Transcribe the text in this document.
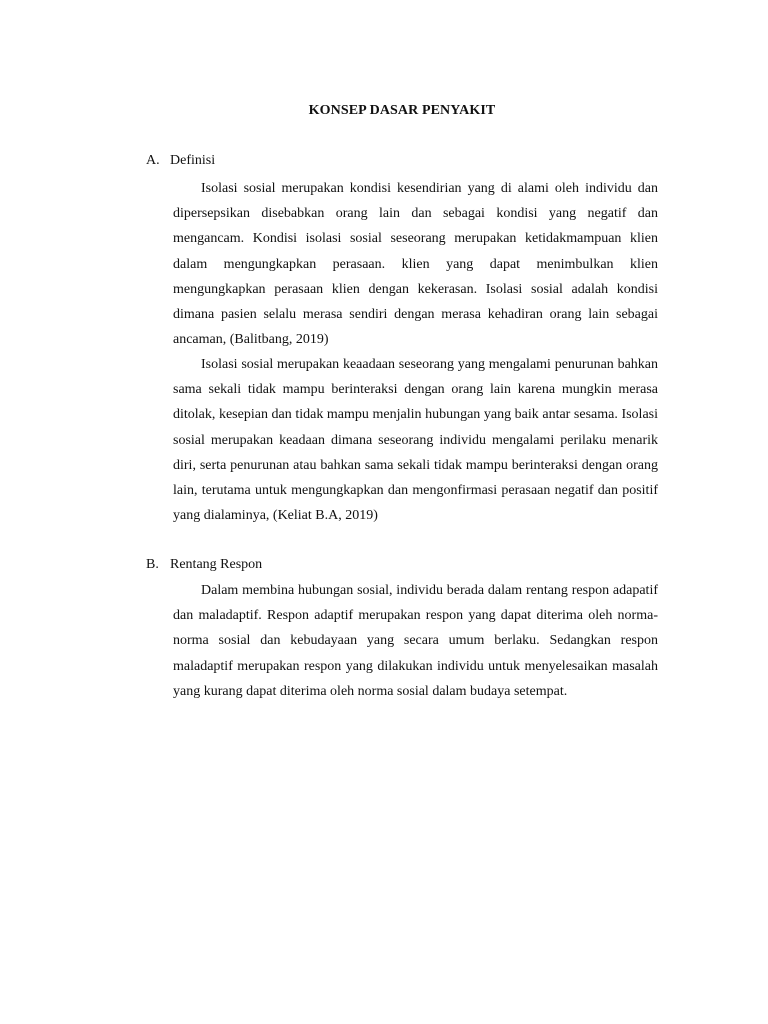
KONSEP DASAR PENYAKIT
A. Definisi

Isolasi sosial merupakan kondisi kesendirian yang di alami oleh individu dan dipersepsikan disebabkan orang lain dan sebagai kondisi yang negatif dan mengancam. Kondisi isolasi sosial seseorang merupakan ketidakmampuan klien dalam mengungkapkan perasaan. klien yang dapat menimbulkan klien mengungkapkan perasaan klien dengan kekerasan. Isolasi sosial adalah kondisi dimana pasien selalu merasa sendiri dengan merasa kehadiran orang lain sebagai ancaman, (Balitbang, 2019)

Isolasi sosial merupakan keaadaan seseorang yang mengalami penurunan bahkan sama sekali tidak mampu berinteraksi dengan orang lain karena mungkin merasa ditolak, kesepian dan tidak mampu menjalin hubungan yang baik antar sesama. Isolasi sosial merupakan keadaan dimana seseorang individu mengalami perilaku menarik diri, serta penurunan atau bahkan sama sekali tidak mampu berinteraksi dengan orang lain, terutama untuk mengungkapkan dan mengonfirmasi perasaan negatif dan positif yang dialaminya, (Keliat B.A, 2019)

B. Rentang Respon

Dalam membina hubungan sosial, individu berada dalam rentang respon adapatif dan maladaptif. Respon adaptif merupakan respon yang dapat diterima oleh norma-norma sosial dan kebudayaan yang secara umum berlaku. Sedangkan respon maladaptif merupakan respon yang dilakukan individu untuk menyelesaikan masalah yang kurang dapat diterima oleh norma sosial dalam budaya setempat.
